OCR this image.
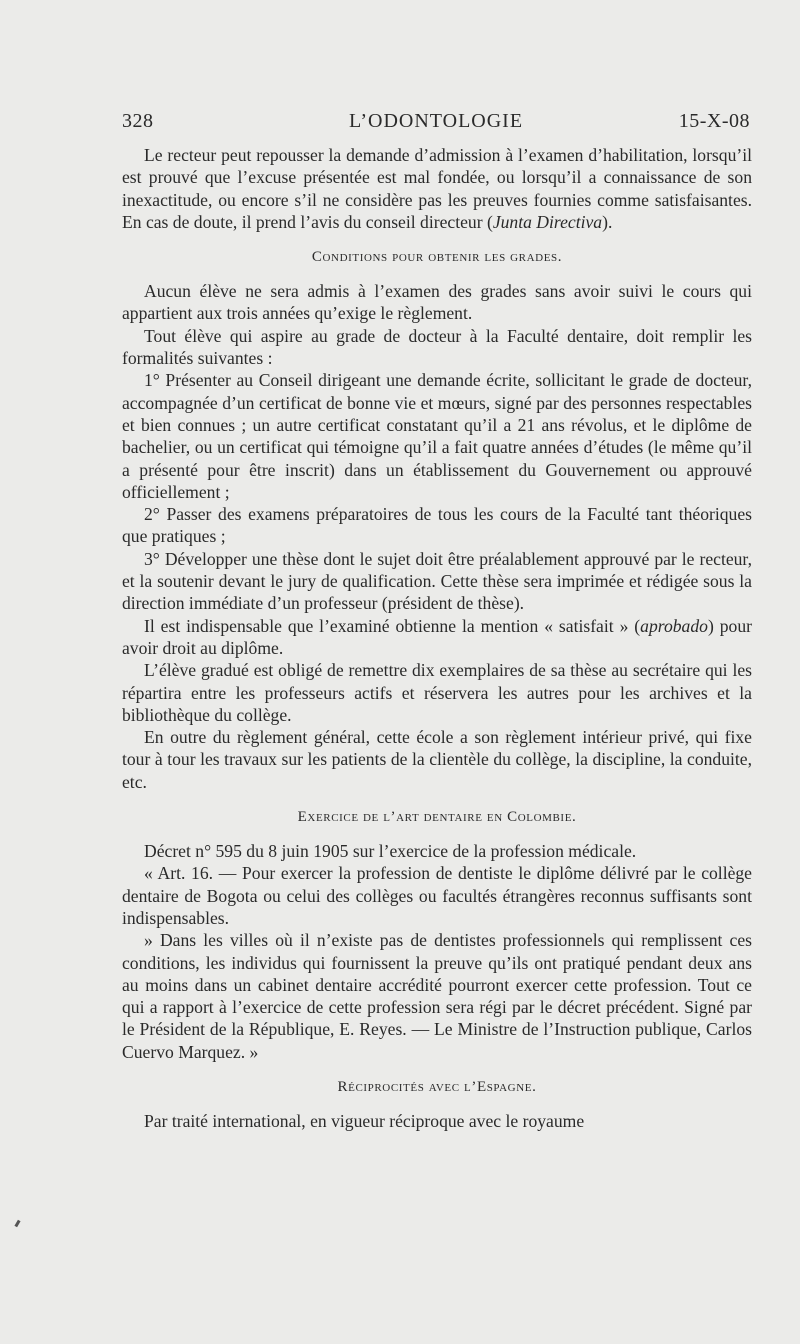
328	L’ODONTOLOGIE	15-X-08

Le recteur peut repousser la demande d’admission à l’examen d’habilitation, lorsqu’il est prouvé que l’excuse présentée est mal fondée, ou lorsqu’il a connaissance de son inexactitude, ou encore s’il ne considère pas les preuves fournies comme satisfaisantes. En cas de doute, il prend l’avis du conseil directeur (Junta Directiva).

Conditions pour obtenir les grades.

Aucun élève ne sera admis à l’examen des grades sans avoir suivi le cours qui appartient aux trois années qu’exige le règlement.

Tout élève qui aspire au grade de docteur à la Faculté dentaire, doit remplir les formalités suivantes :

1° Présenter au Conseil dirigeant une demande écrite, sollicitant le grade de docteur, accompagnée d’un certificat de bonne vie et mœurs, signé par des personnes respectables et bien connues ; un autre certificat constatant qu’il a 21 ans révolus, et le diplôme de bachelier, ou un certificat qui témoigne qu’il a fait quatre années d’études (le même qu’il a présenté pour être inscrit) dans un établissement du Gouvernement ou approuvé officiellement ;

2° Passer des examens préparatoires de tous les cours de la Faculté tant théoriques que pratiques ;

3° Développer une thèse dont le sujet doit être préalablement approuvé par le recteur, et la soutenir devant le jury de qualification. Cette thèse sera imprimée et rédigée sous la direction immédiate d’un professeur (président de thèse).

Il est indispensable que l’examiné obtienne la mention « satisfait » (aprobado) pour avoir droit au diplôme.

L’élève gradué est obligé de remettre dix exemplaires de sa thèse au secrétaire qui les répartira entre les professeurs actifs et réservera les autres pour les archives et la bibliothèque du collège.

En outre du règlement général, cette école a son règlement intérieur privé, qui fixe tour à tour les travaux sur les patients de la clientèle du collège, la discipline, la conduite, etc.

Exercice de l’art dentaire en Colombie.

Décret n° 595 du 8 juin 1905 sur l’exercice de la profession médicale.

« Art. 16. — Pour exercer la profession de dentiste le diplôme délivré par le collège dentaire de Bogota ou celui des collèges ou facultés étrangères reconnus suffisants sont indispensables.

» Dans les villes où il n’existe pas de dentistes professionnels qui remplissent ces conditions, les individus qui fournissent la preuve qu’ils ont pratiqué pendant deux ans au moins dans un cabinet dentaire accrédité pourront exercer cette profession. Tout ce qui a rapport à l’exercice de cette profession sera régi par le décret précédent. Signé par le Président de la République, E. Reyes. — Le Ministre de l’Instruction publique, Carlos Cuervo Marquez. »

Réciprocités avec l’Espagne.

Par traité international, en vigueur réciproque avec le royaume
